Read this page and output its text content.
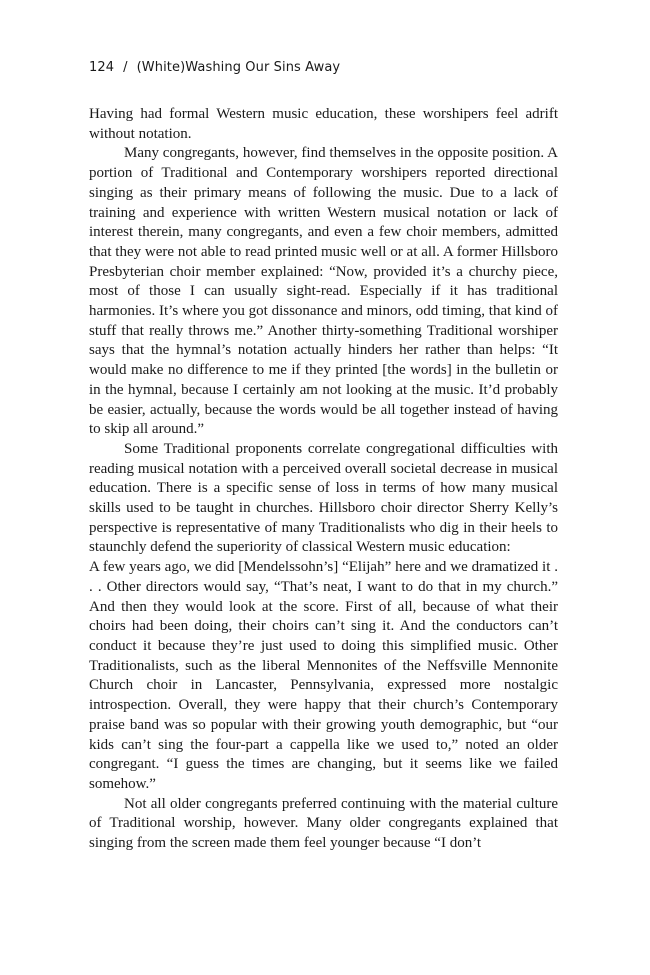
124 / (White)Washing Our Sins Away

Having had formal Western music education, these worshipers feel adrift without notation.

Many congregants, however, find themselves in the opposite position. A portion of Traditional and Contemporary worshipers reported directional singing as their primary means of following the music. Due to a lack of training and experience with written Western musical notation or lack of interest therein, many congregants, and even a few choir members, admitted that they were not able to read printed music well or at all. A former Hillsboro Presbyterian choir member explained: “Now, provided it’s a churchy piece, most of those I can usually sight-read. Especially if it has traditional harmonies. It’s where you got dissonance and minors, odd timing, that kind of stuff that really throws me.” Another thirty-something Traditional worshiper says that the hymnal’s notation actually hinders her rather than helps: “It would make no difference to me if they printed [the words] in the bulletin or in the hymnal, because I certainly am not looking at the music. It’d probably be easier, actually, because the words would be all together instead of having to skip all around.”

Some Traditional proponents correlate congregational difficulties with reading musical notation with a perceived overall societal decrease in musical education. There is a specific sense of loss in terms of how many musical skills used to be taught in churches. Hillsboro choir director Sherry Kelly’s perspective is representative of many Traditionalists who dig in their heels to staunchly defend the superiority of classical Western music education:

A few years ago, we did [Mendelssohn’s] “Elijah” here and we dramatized it . . . Other directors would say, “That’s neat, I want to do that in my church.” And then they would look at the score. First of all, because of what their choirs had been doing, their choirs can’t sing it. And the conductors can’t conduct it because they’re just used to doing this simplified music. Other Traditionalists, such as the liberal Mennonites of the Neffsville Mennonite Church choir in Lancaster, Pennsylvania, expressed more nostalgic introspection. Overall, they were happy that their church’s Contemporary praise band was so popular with their growing youth demographic, but “our kids can’t sing the four-part a cappella like we used to,” noted an older congregant. “I guess the times are changing, but it seems like we failed somehow.”

Not all older congregants preferred continuing with the material culture of Traditional worship, however. Many older congregants explained that singing from the screen made them feel younger because “I don’t
